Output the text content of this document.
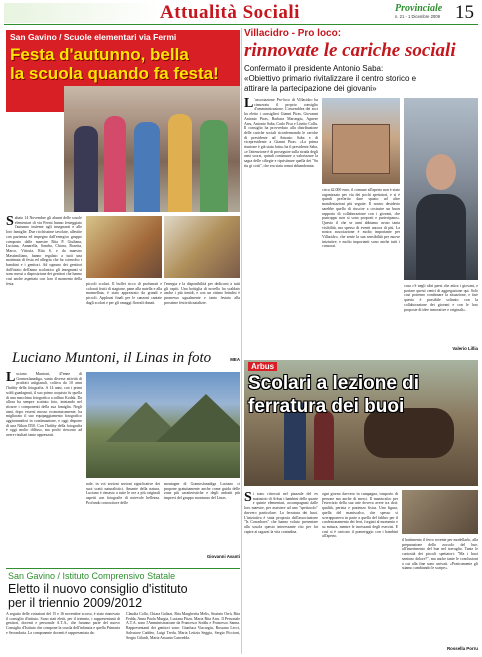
Attualità Sociali	Provinciale
n. 21 - 1 Dicembre 2009 15
San Gavino / Scuole elementari via Fermi
Festa d'autunno, bella
la scuola quando fa festa!
Sabato 14 Novembre gli alunni delle scuole elementari di via Fermi hanno festeggiato l'autunno insieme agli insegnanti e alle loro famiglie. Due ricchissime tavolate, allestite con pazienza ed impegno dall'energico gruppo composto dalle maestre Rita P. Giuliana, Luciana, Annarella, Sandra, Chiara, Rosetta, Marco, Vittoria, Rita S. e da maestro Massimiliano, hanno regalato a tutti una mattinata di festa ed allegria che ha coinvolto i bambini e i genitori. Ad ognuno dei genitori dall'inizio dell'anno scolastico gli insegnanti si sono messi a disposizione dei genitori che hanno così anche aspettato con loro il momento della festa.	piccoli scolari. Il buffet ricco di profumati e colorati frutti di stagione, pane alla nutella e alla marmellata, è stato apprezzato da grandi e piccoli. Applausi finali per le canzoni cantate dagli scolari e per gli omaggi floreali donati.
l'energia e la disponibilità per dedicarsi a tutti gli ospiti. Una bottiglia di novello ha scaldato anche i più timidi, e con un ottimo brindisi è promesso ugualmente e tanto festato alla prossime festività natalizie.
MEA
Villacidro - Pro loco:
rinnovate le cariche sociali
Confermato il presidente Antonio Saba:
«Obiettivo primario rivitalizzare il centro storico e
attirare la partecipazione dei giovani»
L 'associazione Pro-loco di Villacidro ha rinnovato il proprio consiglio d'amministrazione. L'assemblea dei soci ha eletto i consiglieri Gianni Piras, Giovanni Antonio Piras, Barbara Marongiu, Agnese Arru, Antonio Saba, Carlo Pisu e Lisetto Collu. Il consiglio ha provveduto alla distribuzione delle cariche sociali riconfermando le cariche di presidente ad Antonio Saba e di vicepresidente a Gianni Piras. «La prima riunione è già stata fatta» ha il presidente Saba, «e l'attenzione è di proseguire sulla strada degli anni scorsi, quindi continuare a valorizzare la sagra delle ciliegie e ripristinare quella dei "Su tiu gi cotti", che era stata ormai abbandonata.
circa 42.000 euro, il comune all'aperto non è stato organizzato per via dei pochi spettatori, e si è quindi preferito dare spazio ad altre manifestazioni più seguite. Il nostro desiderio sarebbe quello di riuscire a costruire un buon rapporto di collaborazione con i giovani, che purtroppo non si sono proposti e partecipano». Questo il che se anni abbiamo avuto tanta visibilità, ma spesso di eventi ancora di più. La nostra associazione è molto importante per Villacidro, che sente la sua sensibilità per nuove iniziative, e molto importanti sono anche tutti i consorzi.
cosa c'è negli altri paesi che attira i giovani, e portare questi centri di aggregazione qui. Solo così potremo combinare la situazione, e fare questo è possibile soltanto con la collaborazione dei giovani e con le loro proposte di idee innovative e originali».
Valerio Lillia
Luciano Muntoni, il Linas in foto
Luciano Muntoni, 47enne di Gonnosfanadiga, vanta diverse attività di prodotti artigianali, coltiva da 10 anni l'hobby della fotografia. A 14 anni, con i primi soldi guadagnati, il suo primo acquisto fu quella di una macchina fotografica a rullino Kodak. Da allora ha sempre scattato foto, iniziando nel ritrarre i componenti della sua famiglia. Negli anni, dopo essersi mosso economicamente, ha migliorato il suo equipaggiamento fotografico aggiornandosi in continuazione, e oggi dispone di una Nikon D50. Con l'hobby della fotografia è oggi molto diffuso, ma pochi riescono ad avere risultati tanto apprezzati.
nale, in voi sezioni sezioni significative dei suoi scatti naturalistici. Amante della natura, Luciano è rimasto a tutte le ore a più originali aspetti con fotografie di notevole bellezza. Profondo conoscitore delle
montagne di Gonnosfanadiga Luciano ci propone gratuitamente anche come guida delle zone più caratteristiche e degli anfratti più impervi del gruppo montuoso del Linas.
Giovanni Avanti
Arbus
Scolari a lezione di
ferratura dei buoi
Si sono ritrovati nel piazzale del ex mattatoio di Arbus i bambini delle quarte e quinte elementari, accompagnati dalle loro maestre, per assistere ad uno "spettacolo" davvero particolare. La ferratura dei buoi. L'iniziativa è stata proposta dall'associazione "Is Carradores" che hanno voluto presentare alla scuola questo interessante rito per far capire ai ragazzi la vita contadina.
ogni giorno davvero in campagna, trasporto di persone ma anche di merci. Il maniscalco per l'esercizio della sua arte doveva avere tra doti: qualità, perizia e pazienza fisica. Una figura, quella del maniscalco, che spesso si sovrapponeva in parte a quella del fabbro per il confezionamento dei ferri, forgiati al momento e su misura, mentre le incessanti degli esercizi. E così si è caricato il pomeriggio con i bambini all'aperto.
il battimento il ferro rovente per modellarlo, alla preparazione dello zoccolo del bue, all'inserimento del bue nel travaglio. Tante le curiosità dei piccoli spettatori: "Ma i buoi sentono dolore?", ma anche tante le conclusioni a cui alla fine sono arrivati. «Praticamente gli stiamo cambiando le scarpe».
Rossella Porru
San Gavino / Istituto Comprensivo Statale
Eletto il nuovo consiglio d'istituto
per il triennio 2009/2012
A seguito delle votazioni del 15 e 16 novembre scorso, è stato rinnovato il consiglio d'istituto. Sono stati eletti, per il triennio, i rappresentanti di genitori, docenti e personale A.T.A., che faranno parte del nuovo Consiglio d'Istituto che compone la scuola dell'infanzia e quella Primaria e Secondaria. La componente docenti è rappresentata da:
Claudia Collu, Chiara Galizzi, Rita Margherita Melis, Sissinio Orrù, Rita Fedda, Anna Paola Murgia, Luciana Pitzu, Maria Rita Arru. Il Personale A.T.A. sono l'Amministrazione da Francesco Soddu e Francesco Sanna. Rappresentanti dei genitori sono: Gianluca Viacargiu, Rossana Lecci, Salvatore Caddeo, Luigi Tredu, Maria Letizia Seggio, Sergio Piccioni, Sergio Gilardi, Maria Assunta Cancedda.
